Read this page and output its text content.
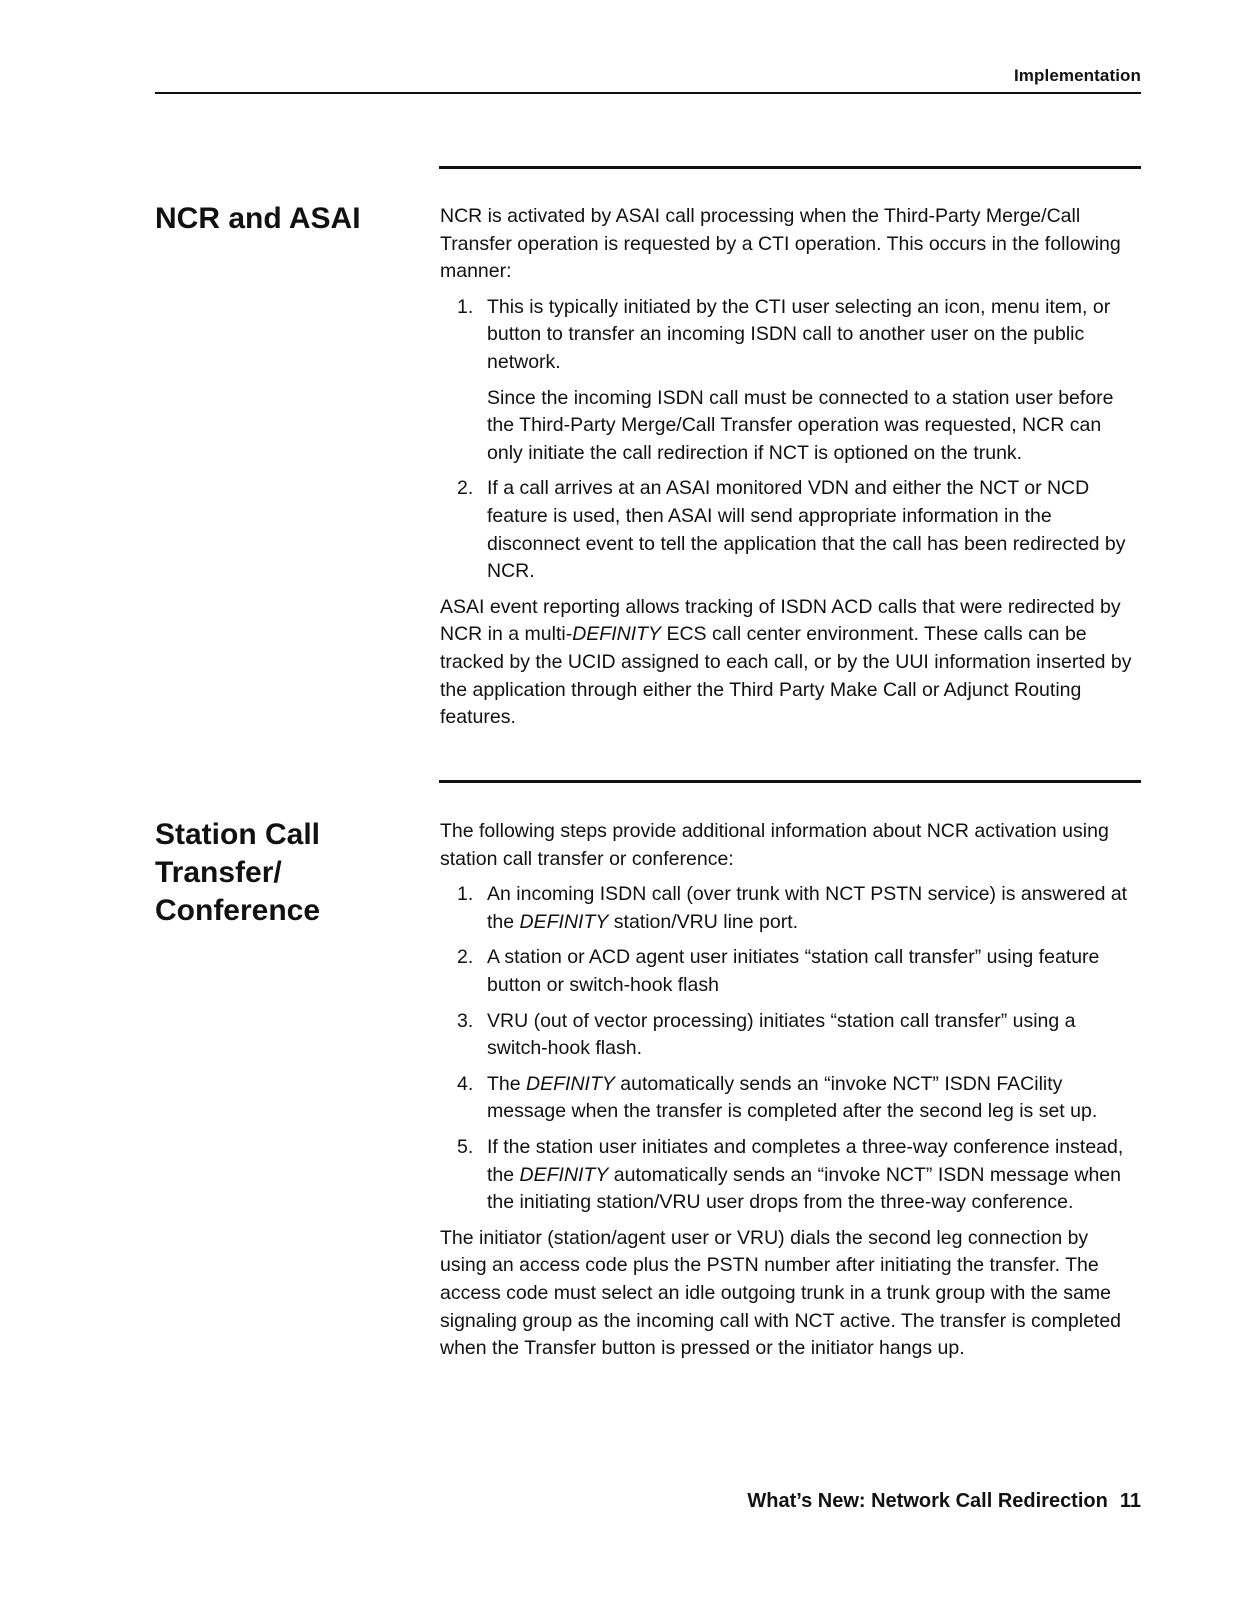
Implementation
NCR and ASAI	NCR is activated by ASAI call processing when the Third-Party Merge/Call Transfer operation is requested by a CTI operation. This occurs in the following manner:

1. This is typically initiated by the CTI user selecting an icon, menu item, or button to transfer an incoming ISDN call to another user on the public network.

Since the incoming ISDN call must be connected to a station user before the Third-Party Merge/Call Transfer operation was requested, NCR can only initiate the call redirection if NCT is optioned on the trunk.

2. If a call arrives at an ASAI monitored VDN and either the NCT or NCD feature is used, then ASAI will send appropriate information in the disconnect event to tell the application that the call has been redirected by NCR.

ASAI event reporting allows tracking of ISDN ACD calls that were redirected by NCR in a multi-DEFINITY ECS call center environment. These calls can be tracked by the UCID assigned to each call, or by the UUI information inserted by the application through either the Third Party Make Call or Adjunct Routing features.

Station Call
Transfer/
Conference

The following steps provide additional information about NCR activation using station call transfer or conference:

1. An incoming ISDN call (over trunk with NCT PSTN service) is answered at the DEFINITY station/VRU line port.

2. A station or ACD agent user initiates “station call transfer” using feature button or switch-hook flash

3. VRU (out of vector processing) initiates “station call transfer” using a switch-hook flash.

4. The DEFINITY automatically sends an “invoke NCT” ISDN FACility message when the transfer is completed after the second leg is set up.

5. If the station user initiates and completes a three-way conference instead, the DEFINITY automatically sends an “invoke NCT” ISDN message when the initiating station/VRU user drops from the three-way conference.

The initiator (station/agent user or VRU) dials the second leg connection by using an access code plus the PSTN number after initiating the transfer. The access code must select an idle outgoing trunk in a trunk group with the same signaling group as the incoming call with NCT active. The transfer is completed when the Transfer button is pressed or the initiator hangs up.

What’s New: Network Call Redirection 11
